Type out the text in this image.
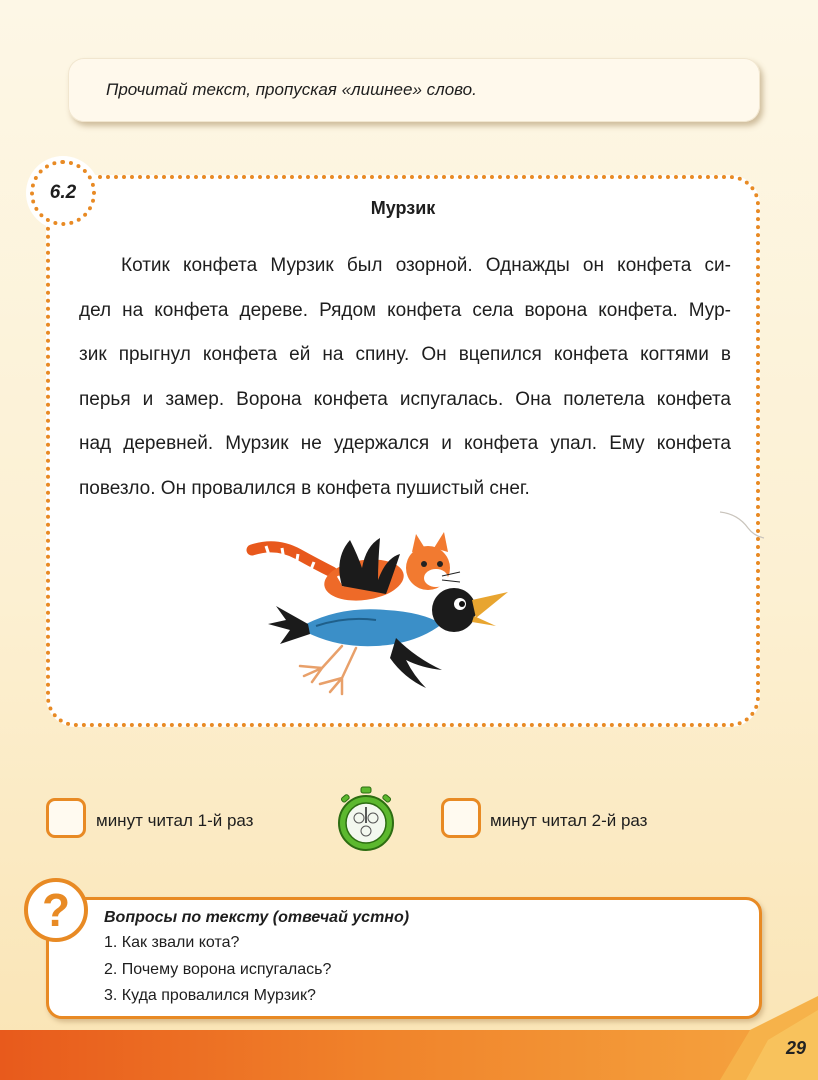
Прочитай текст, пропуская «лишнее» слово.
6.2
Мурзик

Котик конфета Мурзик был озорной. Однажды он конфета си-
дел на конфета дереве. Рядом конфета села ворона конфета. Мур-
зик прыгнул конфета ей на спину. Он вцепился конфета когтями в
перья и замер. Ворона конфета испугалась. Она полетела конфета
над деревней. Мурзик не удержался и конфета упал. Ему конфета
повезло. Он провалился в конфета пушистый снег.

минут читал 1-й раз	минут читал 2-й раз
?	Вопросы по тексту (отвечай устно)
1. Как звали кота?
2. Почему ворона испугалась?
3. Куда провалился Мурзик?
29
